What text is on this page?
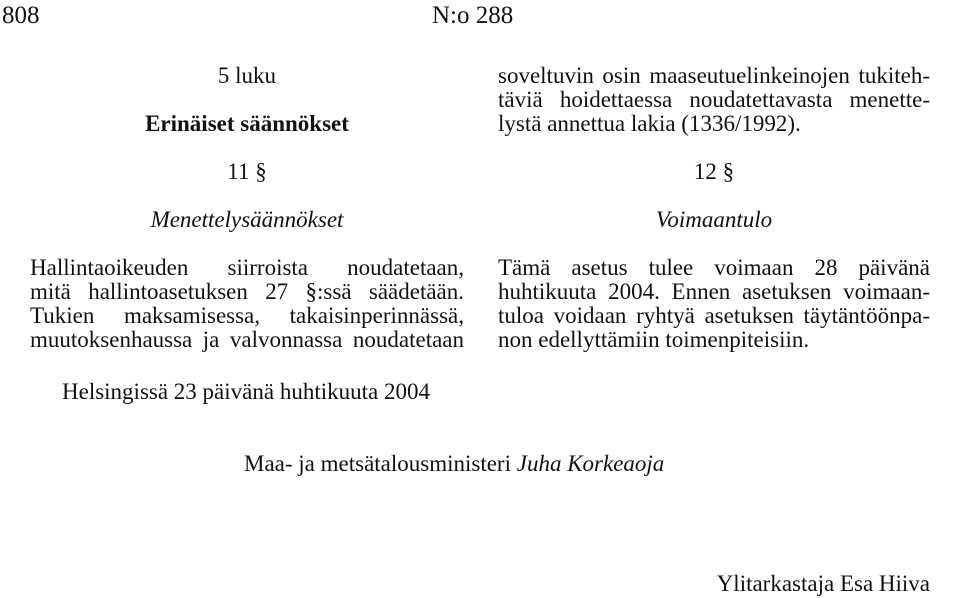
808	N:o 288
5 luku
Erinäiset säännökset
11 §
Menettelysäännökset
Hallintaoikeuden siirroista noudatetaan,
mitä hallintoasetuksen 27 §:ssä säädetään.
Tukien maksamisessa, takaisinperinnässä,
muutoksenhaussa ja valvonnassa noudatetaan
soveltuvin osin maaseutuelinkeinojen tukiteh-
täviä hoidettaessa noudatettavasta menette-
lystä annettua lakia (1336/1992).
12 §
Voimaantulo
Tämä asetus tulee voimaan 28 päivänä
huhtikuuta 2004. Ennen asetuksen voimaan-
tuloa voidaan ryhtyä asetuksen täytäntöönpa-
non edellyttämiin toimenpiteisiin.
Helsingissä 23 päivänä huhtikuuta 2004
Maa- ja metsätalousministeri Juha Korkeaoja
Ylitarkastaja Esa Hiiva
